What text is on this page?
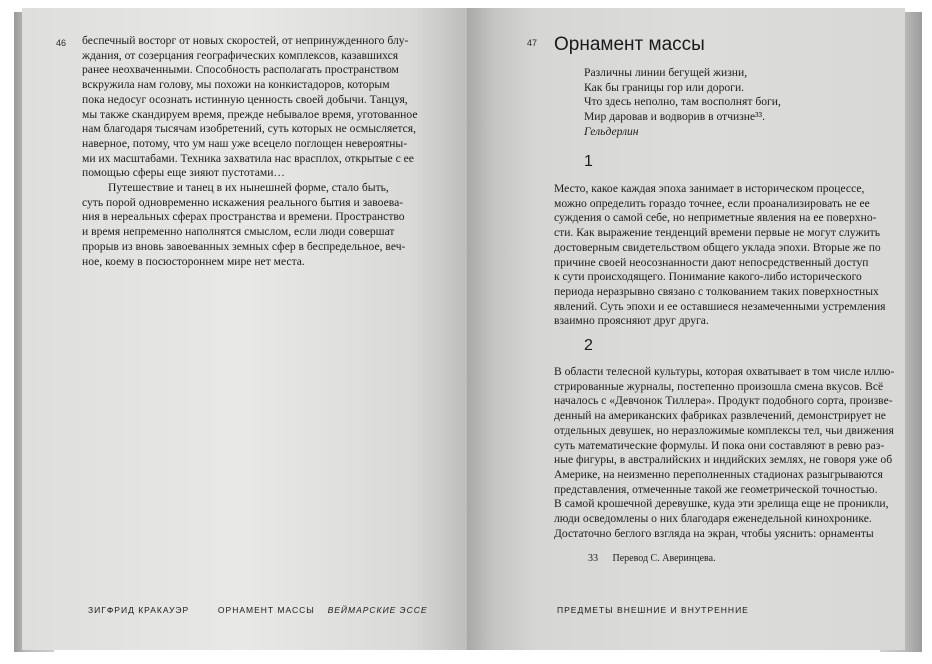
46 беспечный восторг от новых скоростей, от непринужденного блу-
ждания, от созерцания географических комплексов, казавшихся
ранее неохваченными. Способность располагать пространством
вскружила нам голову, мы похожи на конкистадоров, которым
пока недосуг осознать истинную ценность своей добычи. Танцуя,
мы также скандируем время, прежде небывалое время, уготованное
нам благодаря тысячам изобретений, суть которых не осмысляется,
наверное, потому, что ум наш уже всецело поглощен невероятны-
ми их масштабами. Техника захватила нас врасплох, открытые с ее
помощью сферы еще зияют пустотами…

Путешествие и танец в их нынешней форме, стало быть,
суть порой одновременно искажения реального бытия и завоева-
ния в нереальных сферах пространства и времени. Пространство
и время непременно наполнятся смыслом, если люди совершат
прорыв из вновь завоеванных земных сфер в беспредельное, веч-
ное, коему в посюстороннем мире нет места.

ЗИГФРИД КРАКАУЭР	ОРНАМЕНТ МАССЫ ВЕЙМАРСКИЕ ЭССЕ
47 Орнамент массы

Различны линии бегущей жизни,
Как бы границы гор или дороги.
Что здесь неполно, там восполнят боги,
Мир даровав и водворив в отчизне³³.
Гельдерлин

1

Место, какое каждая эпоха занимает в историческом процессе,
можно определить гораздо точнее, если проанализировать не ее
суждения о самой себе, но неприметные явления на ее поверхно-
сти. Как выражение тенденций времени первые не могут служить
достоверным свидетельством общего уклада эпохи. Вторые же по
причине своей неосознанности дают непосредственный доступ
к сути происходящего. Понимание какого-либо исторического
периода неразрывно связано с толкованием таких поверхностных
явлений. Суть эпохи и ее оставшиеся незамеченными устремления
взаимно проясняют друг друга.

2

В области телесной культуры, которая охватывает в том числе иллю-
стрированные журналы, постепенно произошла смена вкусов. Всё
началось с «Девчонок Тиллера». Продукт подобного сорта, произве-
денный на американских фабриках развлечений, демонстрирует не
отдельных девушек, но неразложимые комплексы тел, чьи движения
суть математические формулы. И пока они составляют в ревю раз-
ные фигуры, в австралийских и индийских землях, не говоря уже об
Америке, на неизменно переполненных стадионах разыгрываются
представления, отмеченные такой же геометрической точностью.
В самой крошечной деревушке, куда эти зрелища еще не проникли,
люди осведомлены о них благодаря еженедельной кинохронике.
Достаточно беглого взгляда на экран, чтобы уяснить: орнаменты

33 Перевод С. Аверинцева.
ПРЕДМЕТЫ ВНЕШНИЕ И ВНУТРЕННИЕ
